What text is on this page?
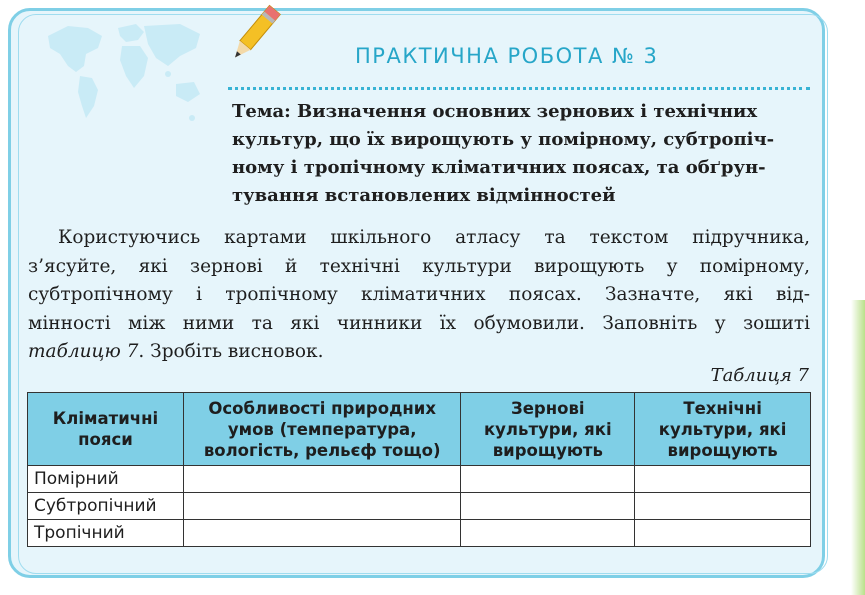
ПРАКТИЧНА РОБОТА № 3
Тема: Визначення основних зернових і технічних
культур, що їх вирощують у помірному, субтропіч-
ному і тропічному кліматичних поясах, та обґрун-
тування встановлених відмінностей
Користуючись картами шкільного атласу та текстом підручника,
з’ясуйте, які зернові й технічні культури вирощують у помірному,
субтропічному і тропічному кліматичних поясах. Зазначте, які від-
мінності між ними та які чинники їх обумовили. Заповніть у зошиті
таблицю 7. Зробіть висновок.
Таблиця 7
Кліматичні пояси	Особливості природних умов (температура, вологість, рельєф тощо)	Зернові культури, які вирощують	Технічні культури, які вирощують
Помірний			
Субтропічний			
Тропічний			
